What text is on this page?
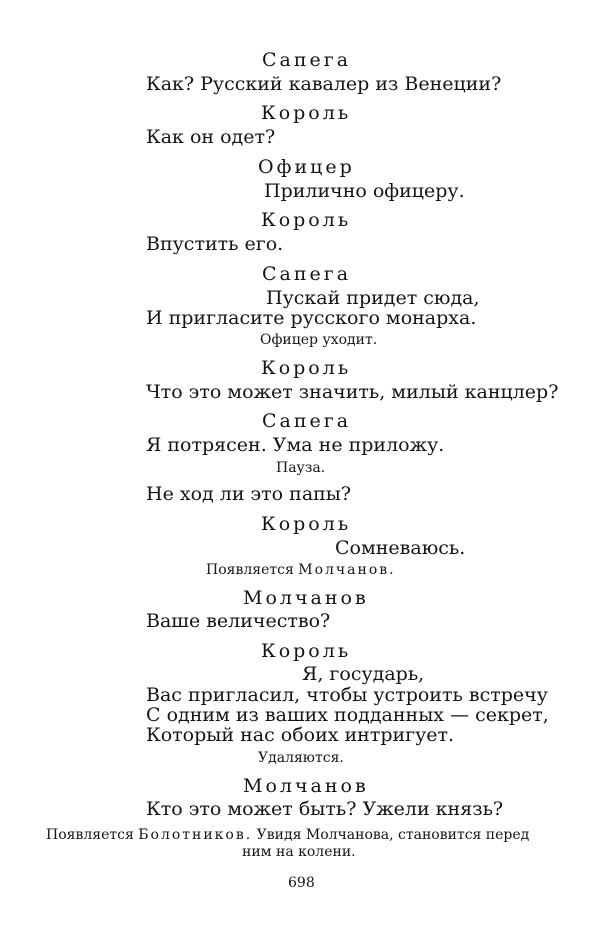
Сапега
Как? Русский кавалер из Венеции?
Король
Как он одет?
Офицер
Прилично офицеру.
Король
Впустить его.
Сапега
Пускай придет сюда,
И пригласите русского монарха.
Офицер уходит.
Король
Что это может значить, милый канцлер?
Сапега
Я потрясен. Ума не приложу.
Пауза.
Не ход ли это папы?
Король
Сомневаюсь.
Появляется Молчанов.
Молчанов
Ваше величество?
Король
Я, государь,
Вас пригласил, чтобы устроить встречу
С одним из ваших подданных — секрет,
Который нас обоих интригует.
Удаляются.
Молчанов
Кто это может быть? Ужели князь?
Появляется Болотников. Увидя Молчанова, становится перед
ним на колени.
698
